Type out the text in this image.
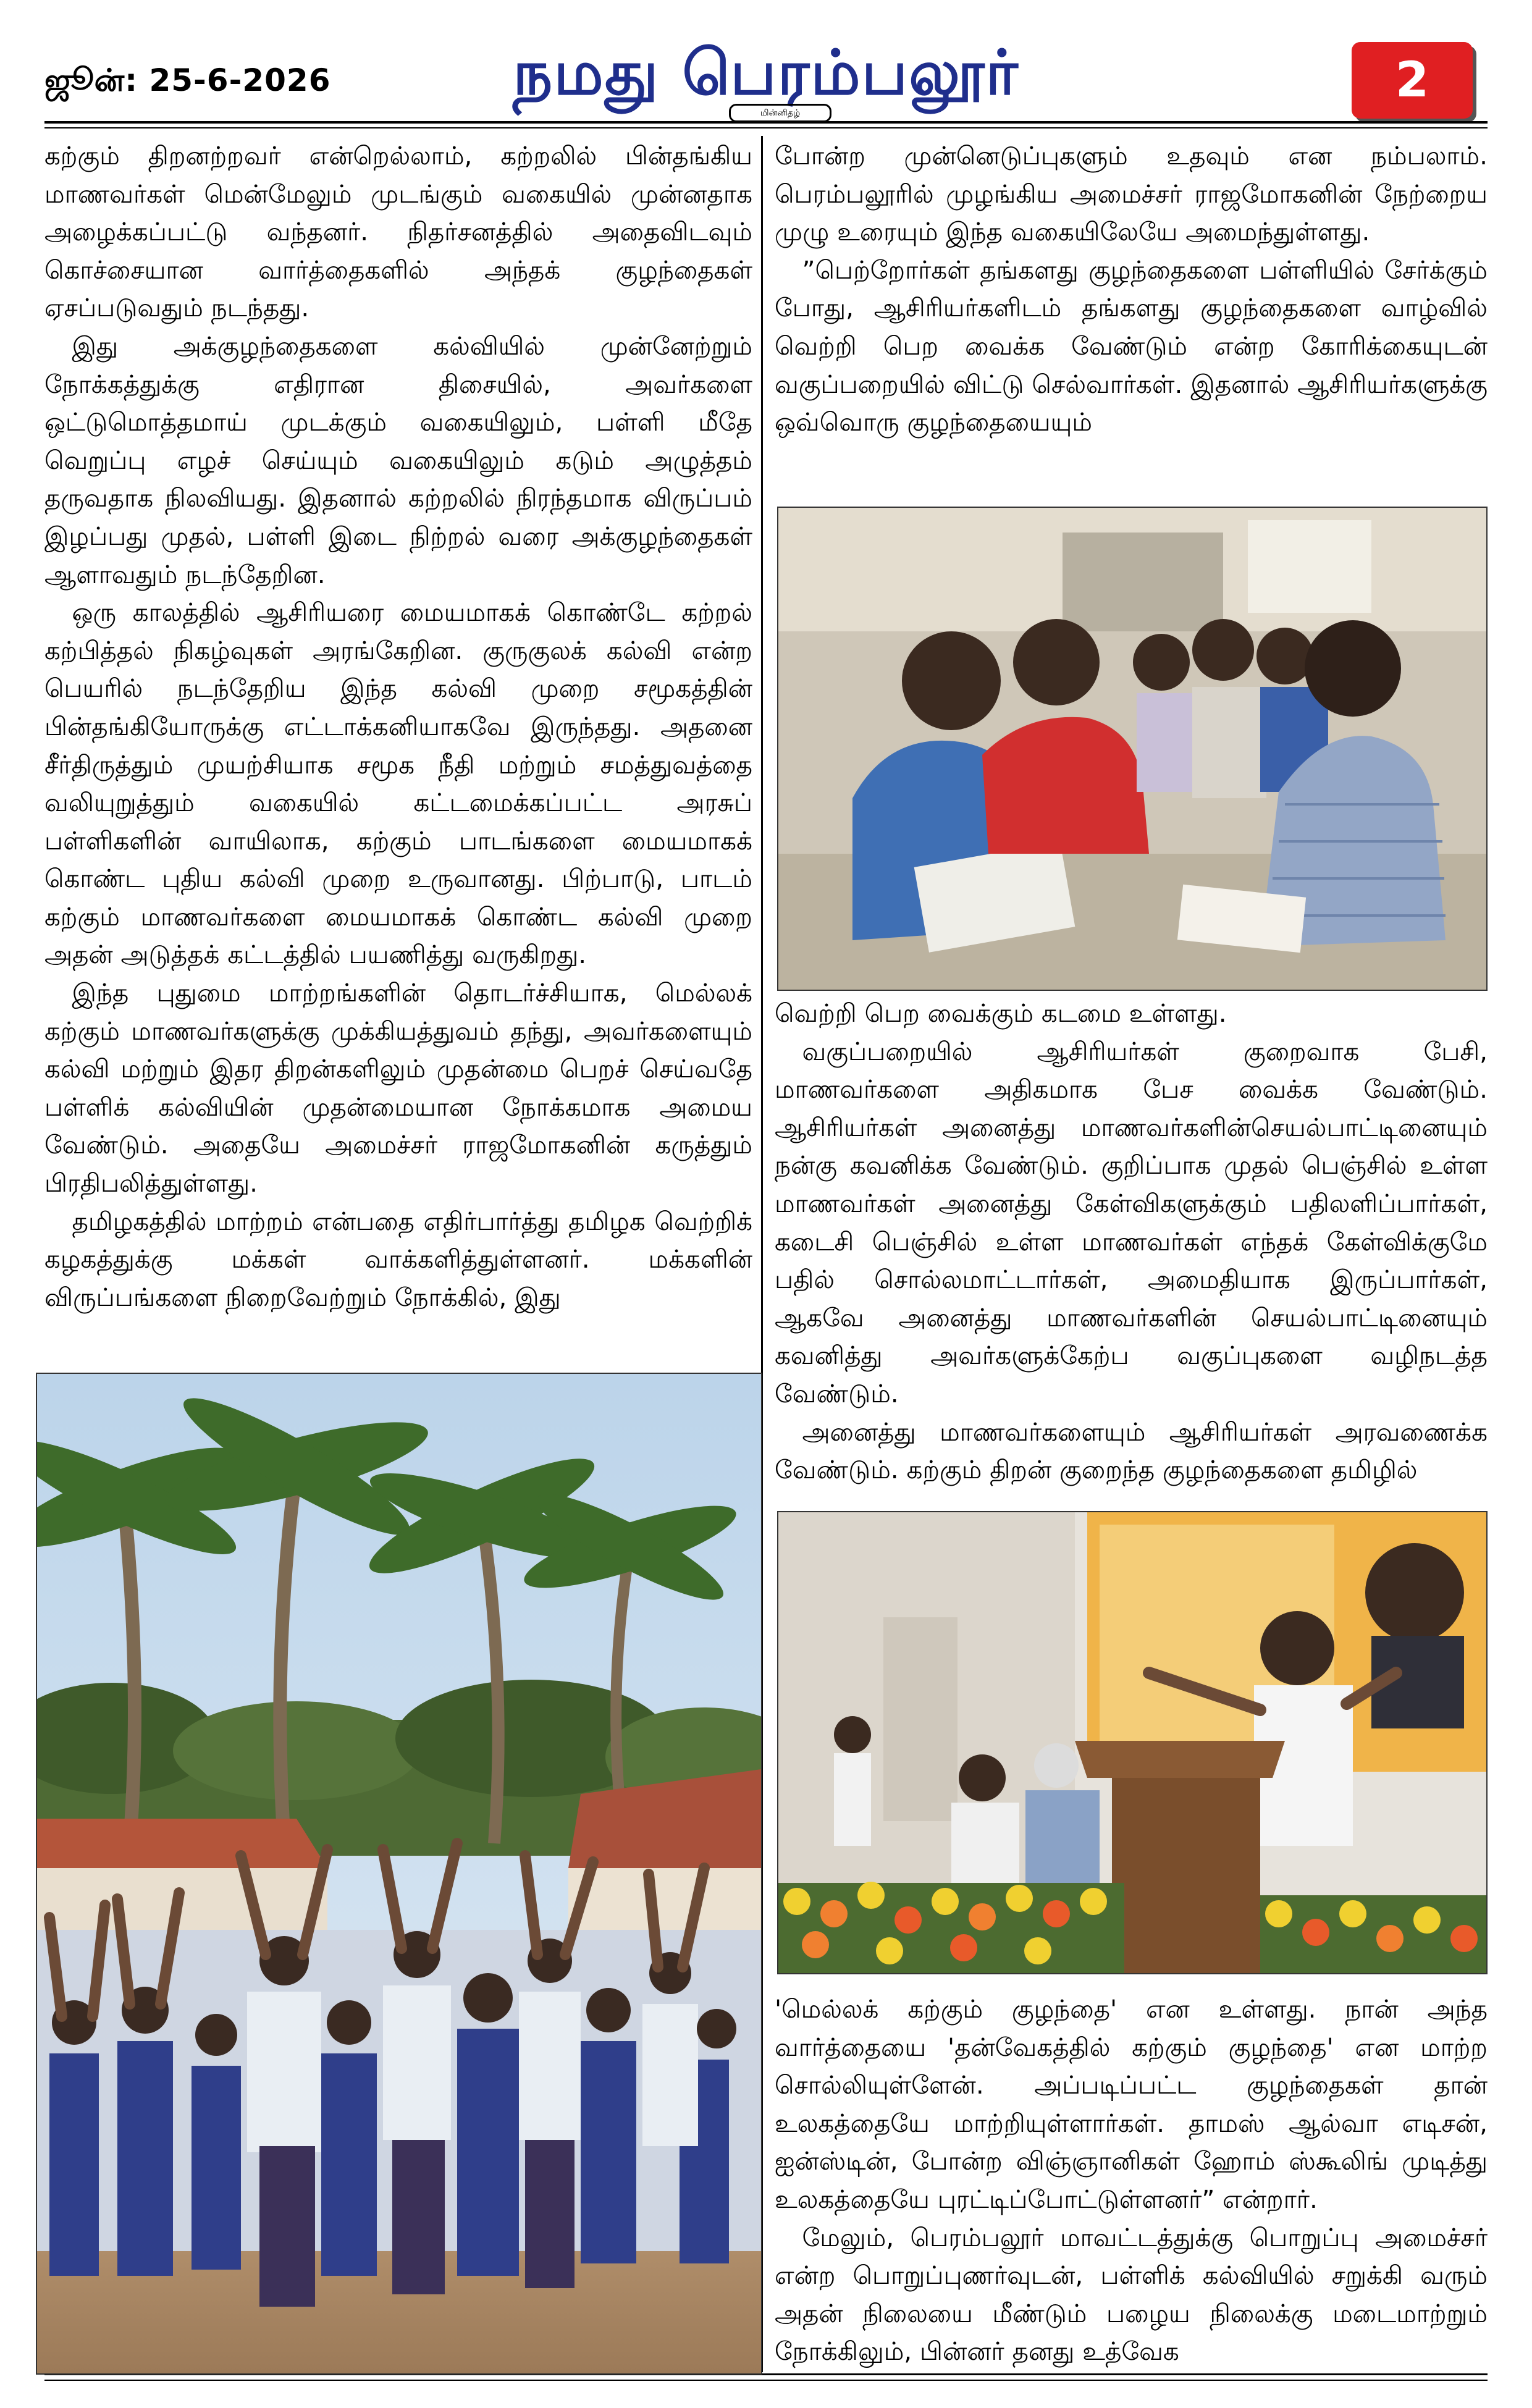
ஜூன்: 25-6-2026	நமது பெரம்பலூர்
மின்னிதழ்
2

கற்கும் திறனற்றவர் என்றெல்லாம், கற்றலில் பின்தங்கிய மாணவர்கள் மென்மேலும் முடங்கும் வகையில் முன்னதாக அழைக்கப்பட்டு வந்தனர். நிதர்சனத்தில் அதைவிடவும் கொச்சையான வார்த்தைகளில் அந்தக் குழந்தைகள் ஏசப்படுவதும் நடந்தது.

இது அக்குழந்தைகளை கல்வியில் முன்னேற்றும் நோக்கத்துக்கு எதிரான திசையில், அவர்களை ஒட்டுமொத்தமாய் முடக்கும் வகையிலும், பள்ளி மீதே வெறுப்பு எழச் செய்யும் வகையிலும் கடும் அழுத்தம் தருவதாக நிலவியது. இதனால் கற்றலில் நிரந்தமாக விருப்பம் இழப்பது முதல், பள்ளி இடை நிற்றல் வரை அக்குழந்தைகள் ஆளாவதும் நடந்தேறின.

ஒரு காலத்தில் ஆசிரியரை மையமாகக் கொண்டே கற்றல் கற்பித்தல் நிகழ்வுகள் அரங்கேறின. குருகுலக் கல்வி என்ற பெயரில் நடந்தேறிய இந்த கல்வி முறை சமூகத்தின் பின்தங்கியோருக்கு எட்டாக்கனியாகவே இருந்தது. அதனை சீர்திருத்தும் முயற்சியாக சமூக நீதி மற்றும் சமத்துவத்தை வலியுறுத்தும் வகையில் கட்டமைக்கப்பட்ட அரசுப் பள்ளிகளின் வாயிலாக, கற்கும் பாடங்களை மையமாகக் கொண்ட புதிய கல்வி முறை உருவானது. பிற்பாடு, பாடம் கற்கும் மாணவர்களை மையமாகக் கொண்ட கல்வி முறை அதன் அடுத்தக் கட்டத்தில் பயணித்து வருகிறது.

இந்த புதுமை மாற்றங்களின் தொடர்ச்சியாக, மெல்லக் கற்கும் மாணவர்களுக்கு முக்கியத்துவம் தந்து, அவர்களையும் கல்வி மற்றும் இதர திறன்களிலும் முதன்மை பெறச் செய்வதே பள்ளிக் கல்வியின் முதன்மையான நோக்கமாக அமைய வேண்டும். அதையே அமைச்சர் ராஜமோகனின் கருத்தும் பிரதிபலித்துள்ளது.

தமிழகத்தில் மாற்றம் என்பதை எதிர்பார்த்து தமிழக வெற்றிக் கழகத்துக்கு மக்கள் வாக்களித்துள்ளனர். மக்களின் விருப்பங்களை நிறைவேற்றும் நோக்கில், இது

போன்ற முன்னெடுப்புகளும் உதவும் என நம்பலாம். பெரம்பலூரில் முழங்கிய அமைச்சர் ராஜமோகனின் நேற்றைய முழு உரையும் இந்த வகையிலேயே அமைந்துள்ளது.

”பெற்றோர்கள் தங்களது குழந்தைகளை பள்ளியில் சேர்க்கும் போது, ஆசிரியர்களிடம் தங்களது குழந்தைகளை வாழ்வில் வெற்றி பெற வைக்க வேண்டும் என்ற கோரிக்கையுடன் வகுப்பறையில் விட்டு செல்வார்கள். இதனால் ஆசிரியர்களுக்கு ஒவ்வொரு குழந்தையையும்

வெற்றி பெற வைக்கும் கடமை உள்ளது.

வகுப்பறையில் ஆசிரியர்கள் குறைவாக பேசி, மாணவர்களை அதிகமாக பேச வைக்க வேண்டும். ஆசிரியர்கள் அனைத்து மாணவர்களின்செயல்பாட்டினையும் நன்கு கவனிக்க வேண்டும். குறிப்பாக முதல் பெஞ்சில் உள்ள மாணவர்கள் அனைத்து கேள்விகளுக்கும் பதிலளிப்பார்கள், கடைசி பெஞ்சில் உள்ள மாணவர்கள் எந்தக் கேள்விக்குமே பதில் சொல்லமாட்டார்கள், அமைதியாக இருப்பார்கள், ஆகவே அனைத்து மாணவர்களின் செயல்பாட்டினையும் கவனித்து அவர்களுக்கேற்ப வகுப்புகளை வழிநடத்த வேண்டும்.

அனைத்து மாணவர்களையும் ஆசிரியர்கள் அரவணைக்க வேண்டும். கற்கும் திறன் குறைந்த குழந்தைகளை தமிழில்

'மெல்லக் கற்கும் குழந்தை' என உள்ளது. நான் அந்த வார்த்தையை 'தன்வேகத்தில் கற்கும் குழந்தை' என மாற்ற சொல்லியுள்ளேன். அப்படிப்பட்ட குழந்தைகள் தான் உலகத்தையே மாற்றியுள்ளார்கள். தாமஸ் ஆல்வா எடிசன், ஐன்ஸ்டின், போன்ற விஞ்ஞானிகள் ஹோம் ஸ்கூலிங் முடித்து உலகத்தையே புரட்டிப்போட்டுள்ளனர்” என்றார்.

மேலும், பெரம்பலூர் மாவட்டத்துக்கு பொறுப்பு அமைச்சர் என்ற பொறுப்புணர்வுடன், பள்ளிக் கல்வியில் சறுக்கி வரும் அதன் நிலையை மீண்டும் பழைய நிலைக்கு மடைமாற்றும் நோக்கிலும், பின்னர் தனது உத்வேக
